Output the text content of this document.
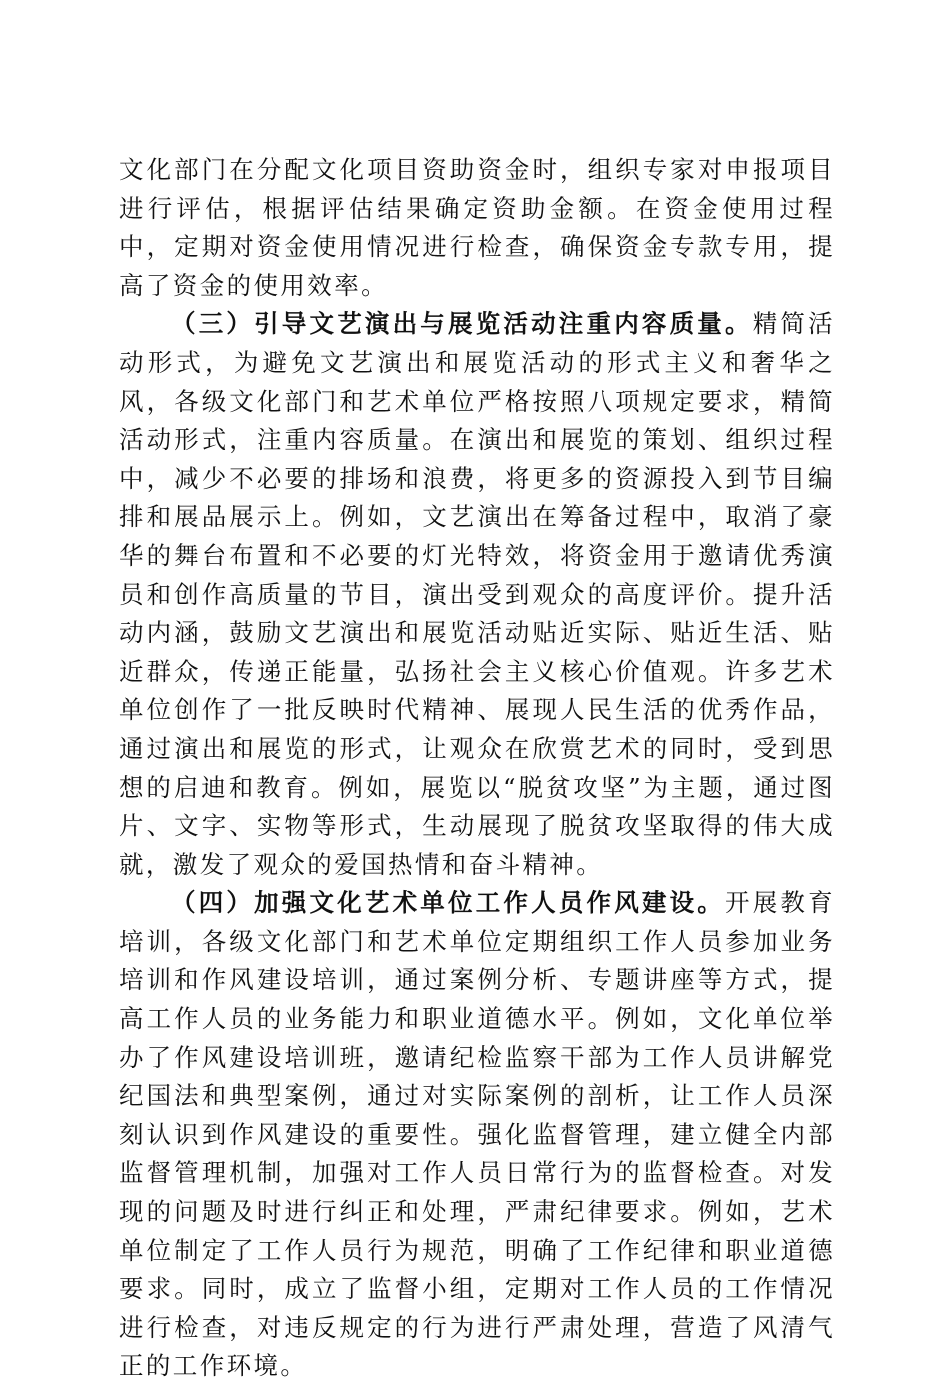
文化部门在分配文化项目资助资金时，组织专家对申报项目进行评估，根据评估结果确定资助金额。在资金使用过程中，定期对资金使用情况进行检查，确保资金专款专用，提高了资金的使用效率。

（三）引导文艺演出与展览活动注重内容质量。精简活动形式，为避免文艺演出和展览活动的形式主义和奢华之风，各级文化部门和艺术单位严格按照八项规定要求，精简活动形式，注重内容质量。在演出和展览的策划、组织过程中，减少不必要的排场和浪费，将更多的资源投入到节目编排和展品展示上。例如，文艺演出在筹备过程中，取消了豪华的舞台布置和不必要的灯光特效，将资金用于邀请优秀演员和创作高质量的节目，演出受到观众的高度评价。提升活动内涵，鼓励文艺演出和展览活动贴近实际、贴近生活、贴近群众，传递正能量，弘扬社会主义核心价值观。许多艺术单位创作了一批反映时代精神、展现人民生活的优秀作品，通过演出和展览的形式，让观众在欣赏艺术的同时，受到思想的启迪和教育。例如，展览以“脱贫攻坚”为主题，通过图片、文字、实物等形式，生动展现了脱贫攻坚取得的伟大成就，激发了观众的爱国热情和奋斗精神。

（四）加强文化艺术单位工作人员作风建设。开展教育培训，各级文化部门和艺术单位定期组织工作人员参加业务培训和作风建设培训，通过案例分析、专题讲座等方式，提高工作人员的业务能力和职业道德水平。例如，文化单位举办了作风建设培训班，邀请纪检监察干部为工作人员讲解党纪国法和典型案例，通过对实际案例的剖析，让工作人员深刻认识到作风建设的重要性。强化监督管理，建立健全内部监督管理机制，加强对工作人员日常行为的监督检查。对发现的问题及时进行纠正和处理，严肃纪律要求。例如，艺术单位制定了工作人员行为规范，明确了工作纪律和职业道德要求。同时，成立了监督小组，定期对工作人员的工作情况进行检查，对违反规定的行为进行严肃处理，营造了风清气正的工作环境。
